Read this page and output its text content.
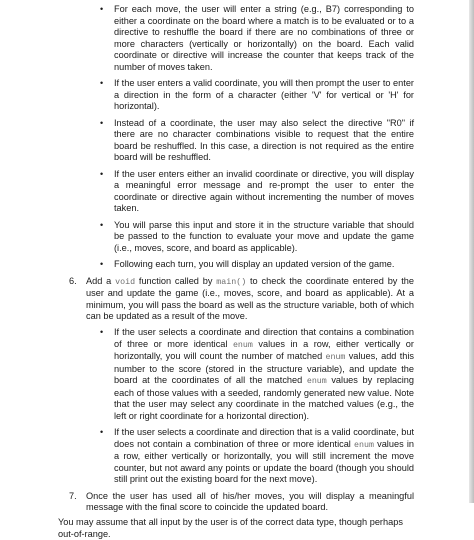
• For each move, the user will enter a string (e.g., B7) corresponding to either a coordinate on the board where a match is to be evaluated or to a directive to reshuffle the board if there are no combinations of three or more characters (vertically or horizontally) on the board. Each valid coordinate or directive will increase the counter that keeps track of the number of moves taken.
• If the user enters a valid coordinate, you will then prompt the user to enter a direction in the form of a character (either 'V' for vertical or 'H' for horizontal).
• Instead of a coordinate, the user may also select the directive "R0" if there are no character combinations visible to request that the entire board be reshuffled. In this case, a direction is not required as the entire board will be reshuffled.
• If the user enters either an invalid coordinate or directive, you will display a meaningful error message and re-prompt the user to enter the coordinate or directive again without incrementing the number of moves taken.
• You will parse this input and store it in the structure variable that should be passed to the function to evaluate your move and update the game (i.e., moves, score, and board as applicable).
• Following each turn, you will display an updated version of the game.
6. Add a void function called by main() to check the coordinate entered by the user and update the game (i.e., moves, score, and board as applicable). At a minimum, you will pass the board as well as the structure variable, both of which can be updated as a result of the move.
• If the user selects a coordinate and direction that contains a combination of three or more identical enum values in a row, either vertically or horizontally, you will count the number of matched enum values, add this number to the score (stored in the structure variable), and update the board at the coordinates of all the matched enum values by replacing each of those values with a seeded, randomly generated new value. Note that the user may select any coordinate in the matched values (e.g., the left or right coordinate for a horizontal direction).
• If the user selects a coordinate and direction that is a valid coordinate, but does not contain a combination of three or more identical enum values in a row, either vertically or horizontally, you will still increment the move counter, but not award any points or update the board (though you should still print out the existing board for the next move).
7. Once the user has used all of his/her moves, you will display a meaningful message with the final score to coincide the updated board.
You may assume that all input by the user is of the correct data type, though perhaps out-of-range.
